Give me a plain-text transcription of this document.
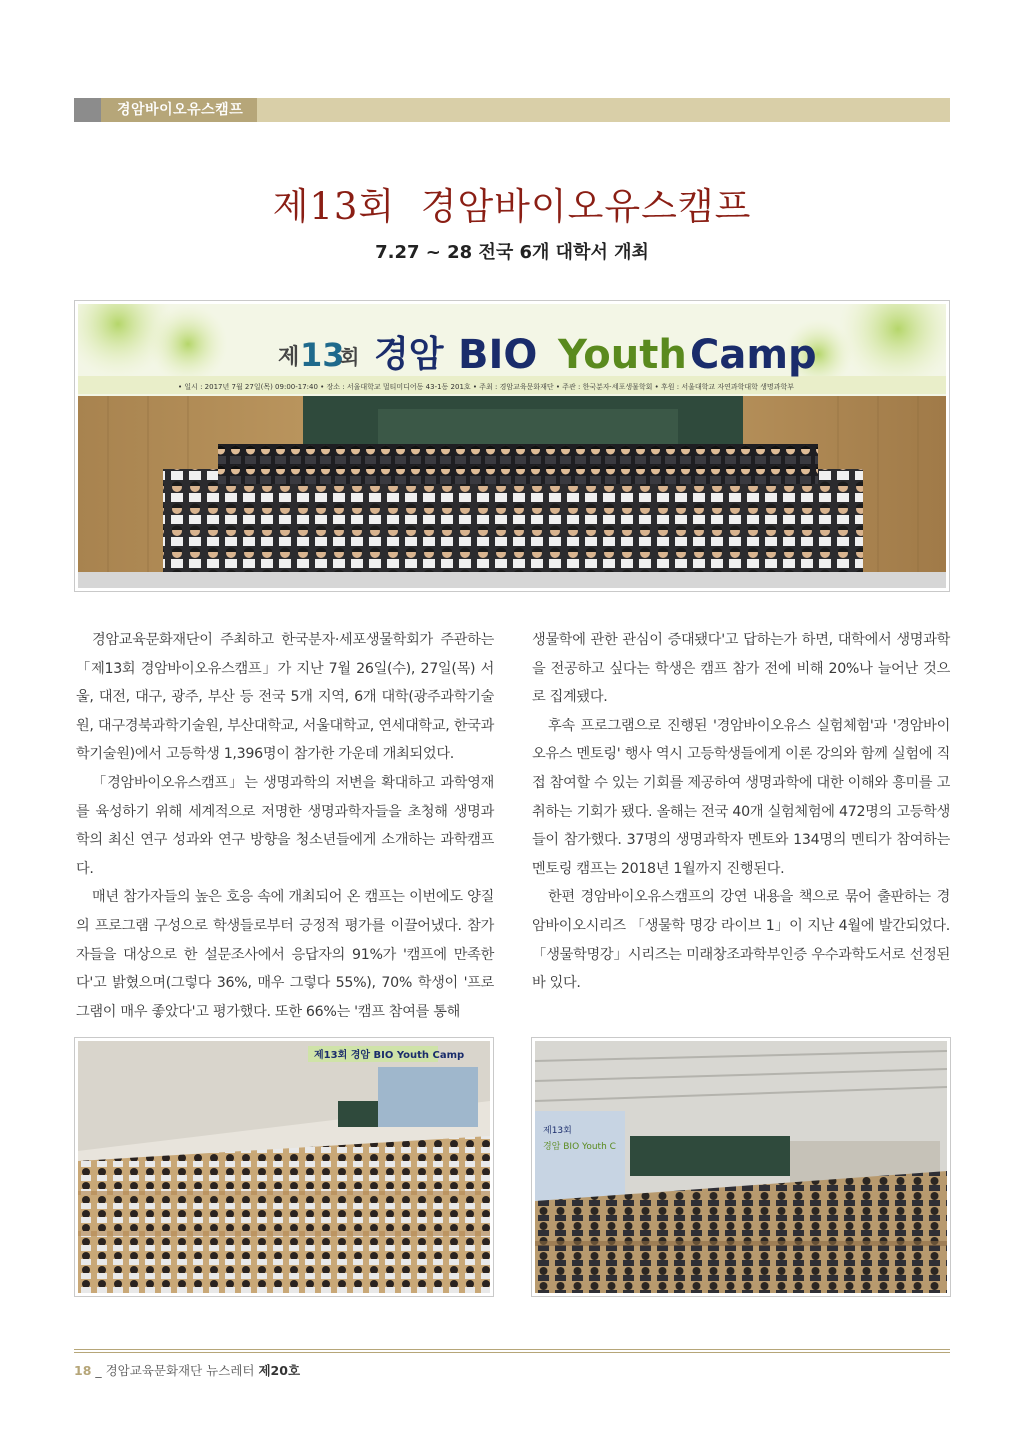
경암바이오유스캠프
제13회  경암바이오유스캠프
7.27 ~ 28 전국 6개 대학서 개최
제 13
회 경암 BIO Youth Camp
• 일시 : 2017년 7월 27일(목) 09:00-17:40 • 장소 : 서울대학교 멀티미디어동 43-1동 201호 • 주최 : 경암교육문화재단 • 주관 : 한국분자·세포생물학회 • 후원 : 서울대학교 자연과학대학 생명과학부

경암교육문화재단이 주최하고 한국분자·세포생물학회가 주관하는 「제13회 경암바이오유스캠프」가 지난 7월 26일(수), 27일(목) 서울, 대전, 대구, 광주, 부산 등 전국 5개 지역, 6개 대학(광주과학기술원, 대구경북과학기술원, 부산대학교, 서울대학교, 연세대학교, 한국과학기술원)에서 고등학생 1,396명이 참가한 가운데 개최되었다.

「경암바이오유스캠프」는 생명과학의 저변을 확대하고 과학영재를 육성하기 위해 세계적으로 저명한 생명과학자들을 초청해 생명과학의 최신 연구 성과와 연구 방향을 청소년들에게 소개하는 과학캠프다.

매년 참가자들의 높은 호응 속에 개최되어 온 캠프는 이번에도 양질의 프로그램 구성으로 학생들로부터 긍정적 평가를 이끌어냈다. 참가자들을 대상으로 한 설문조사에서 응답자의 91%가 '캠프에 만족한다'고 밝혔으며(그렇다 36%, 매우 그렇다 55%), 70% 학생이 '프로그램이 매우 좋았다'고 평가했다. 또한 66%는 '캠프 참여를 통해

생물학에 관한 관심이 증대됐다'고 답하는가 하면, 대학에서 생명과학을 전공하고 싶다는 학생은 캠프 참가 전에 비해 20%나 늘어난 것으로 집계됐다.

후속 프로그램으로 진행된 '경암바이오유스 실험체험'과 '경암바이오유스 멘토링' 행사 역시 고등학생들에게 이론 강의와 함께 실험에 직접 참여할 수 있는 기회를 제공하여 생명과학에 대한 이해와 흥미를 고취하는 기회가 됐다. 올해는 전국 40개 실험체험에 472명의 고등학생들이 참가했다. 37명의 생명과학자 멘토와 134명의 멘티가 참여하는 멘토링 캠프는 2018년 1월까지 진행된다.

한편 경암바이오유스캠프의 강연 내용을 책으로 묶어 출판하는 경암바이오시리즈 「생물학 명강 라이브 1」이 지난 4월에 발간되었다. 「생물학명강」시리즈는 미래창조과학부인증 우수과학도서로 선정된 바 있다.

제13회 경암 BIO Youth Camp
제13회
경암 BIO Youth C
18 _ 경암교육문화재단 뉴스레터 제20호
